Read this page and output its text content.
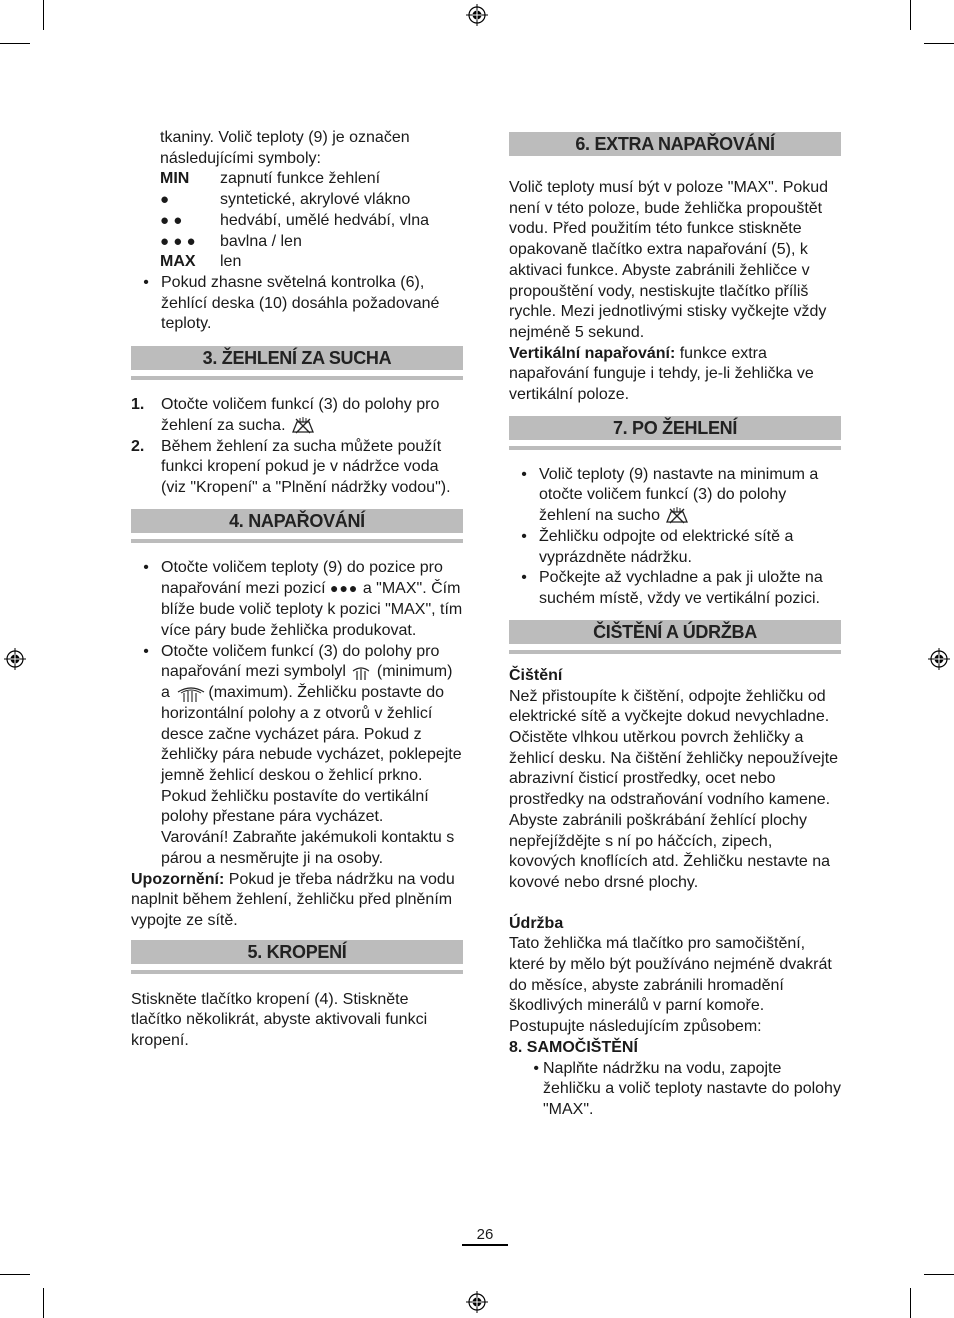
tkaniny. Volič teploty (9) je označen následujícími symboly:

MIN	zapnutí funkce žehlení
●	syntetické, akrylové vlákno
● ●	hedvábí, umělé hedvábí, vlna
● ● ●	bavlna / len
MAX	len
• Pokud zhasne světelná kontrolka (6), žehlící deska (10) dosáhla požadované teploty.
3. ŽEHLENÍ ZA SUCHA
1.	Otočte voličem funkcí (3) do polohy pro žehlení za sucha.
2.	Během žehlení za sucha můžete použít funkci kropení pokud je v nádržce voda (viz "Kropení" a "Plnění nádržky vodou").
4. NAPAŘOVÁNÍ
• Otočte voličem teploty (9) do pozice pro napařování mezi pozicí ●●● a "MAX". Čím blíže bude volič teploty k pozici "MAX", tím více páry bude žehlička produkovat.
• Otočte voličem funkcí (3) do polohy pro napařování mezi symbolyl (minimum) a (maximum). Žehličku postavte do horizontální polohy a z otvorů v žehlicí desce začne vycházet pára. Pokud z žehličky pára nebude vycházet, poklepejte jemně žehlicí deskou o žehlicí prkno. Pokud žehličku postavíte do vertikální polohy přestane pára vycházet.
Varování! Zabraňte jakémukoli kontaktu s párou a nesměrujte ji na osoby.

Upozornění: Pokud je třeba nádržku na vodu naplnit během žehlení, žehličku před plněním vypojte ze sítě.

5. KROPENÍ

Stiskněte tlačítko kropení (4). Stiskněte tlačítko několikrát, abyste aktivovali funkci kropení.

6. EXTRA NAPAŘOVÁNÍ

Volič teploty musí být v poloze "MAX". Pokud není v této poloze, bude žehlička propouštět vodu. Před použitím této funkce stiskněte opakovaně tlačítko extra napařování (5), k aktivaci funkce. Abyste zabránili žehličce v propouštění vody, nestiskujte tlačítko příliš rychle. Mezi jednotlivými stisky vyčkejte vždy nejméně 5 sekund.

Vertikální napařování: funkce extra napařování funguje i tehdy, je-li žehlička ve vertikální poloze.

7. PO ŽEHLENÍ
• Volič teploty (9) nastavte na minimum a otočte voličem funkcí (3) do polohy žehlení na sucho
• Žehličku odpojte od elektrické sítě a vyprázdněte nádržku.
• Počkejte až vychladne a pak ji uložte na suchém místě, vždy ve vertikální pozici.
ČIŠTĚNÍ A ÚDRŽBA

Čištění

Než přistoupíte k čištění, odpojte žehličku od elektrické sítě a vyčkejte dokud nevychladne. Očistěte vlhkou utěrkou povrch žehličky a žehlicí desku. Na čištění žehličky nepoužívejte abrazivní čisticí prostředky, ocet nebo prostředky na odstraňování vodního kamene. Abyste zabránili poškrábání žehlící plochy nepřejíždějte s ní po háčcích, zipech, kovových knoflících atd. Žehličku nestavte na kovové nebo drsné plochy.

Údržba

Tato žehlička má tlačítko pro samočištění, které by mělo být používáno nejméně dvakrát do měsíce, abyste zabránili hromadění škodlivých minerálů v parní komoře. Postupujte následujícím způsobem:

8. SAMOČIŠTĚNÍ

• Naplňte nádržku na vodu, zapojte žehličku a volič teploty nastavte do polohy "MAX".
26
